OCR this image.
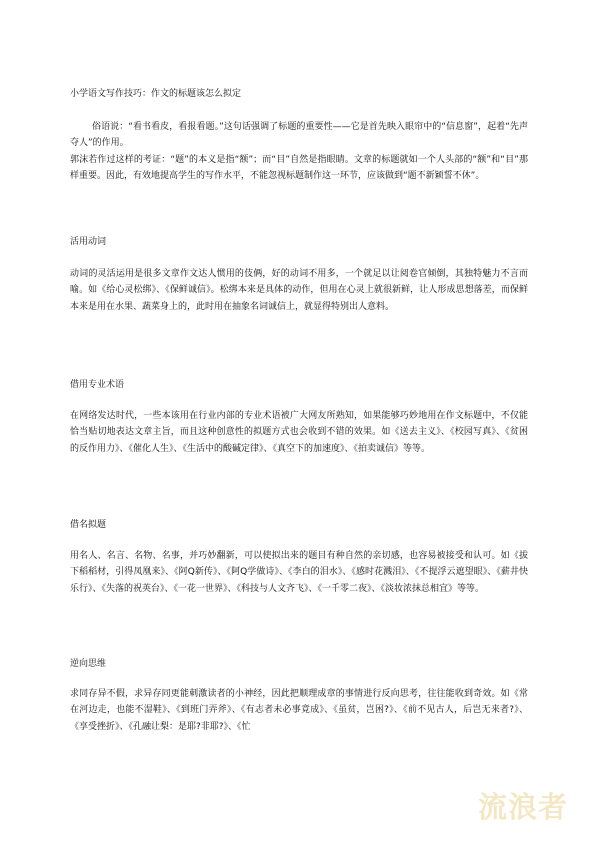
小学语文写作技巧：作文的标题该怎么拟定

俗语说：“看书看皮，看报看题。”这句话强调了标题的重要性——它是首先映入眼帘中的“信息窗”，起着“先声夺人”的作用。

郭沫若作过这样的考证：“题”的本义是指“额”；而“目”自然是指眼睛。文章的标题就如一个人头部的“额”和“目”那样重要。因此，有效地提高学生的写作水平，不能忽视标题制作这一环节，应该做到“题不新颖誓不休”。

活用动词

动词的灵活运用是很多文章作文达人惯用的伎俩，好的动词不用多，一个就足以让阅卷官倾倒，其独特魅力不言而喻。如《给心灵松绑》、《保鲜诚信》。松绑本来是具体的动作，但用在心灵上就很新鲜，让人形成思想落差，而保鲜本来是用在水果、蔬菜身上的，此时用在抽象名词诚信上，就显得特别出人意料。

借用专业术语

在网络发达时代，一些本该用在行业内部的专业术语被广大网友所熟知，如果能够巧妙地用在作文标题中，不仅能恰当贴切地表达文章主旨，而且这种创意性的拟题方式也会收到不错的效果。如《送去主义》、《校园写真》、《贫困的反作用力》、《催化人生》、《生活中的酸碱定律》、《真空下的加速度》、《拍卖诚信》等等。

借名拟题

用名人、名言、名物、名事，并巧妙翻新，可以使拟出来的题目有种自然的亲切感，也容易被接受和认可。如《拔下稻稻材，引得凤凰来》、《阿Q新传》、《阿Q学做诗》、《李白的泪水》、《感时花溅泪》、《不提浮云遮望眼》、《薪井快乐行》、《失落的祝英台》、《一花一世界》、《科技与人文齐飞》、《一千零二夜》、《淡妆浓抹总相宜》等等。

逆向思维

求同存异不假，求异存同更能刺激读者的小神经，因此把顺理成章的事情进行反向思考，往往能收到奇效。如《常在河边走，也能不湿鞋》、《到班门弄斧》、《有志者未必事竟成》、《虽贫，岂困?》、《前不见古人，后岂无来者?》、《享受挫折》、《孔融让梨：是耶?非耶?》、《忙

流浪者
